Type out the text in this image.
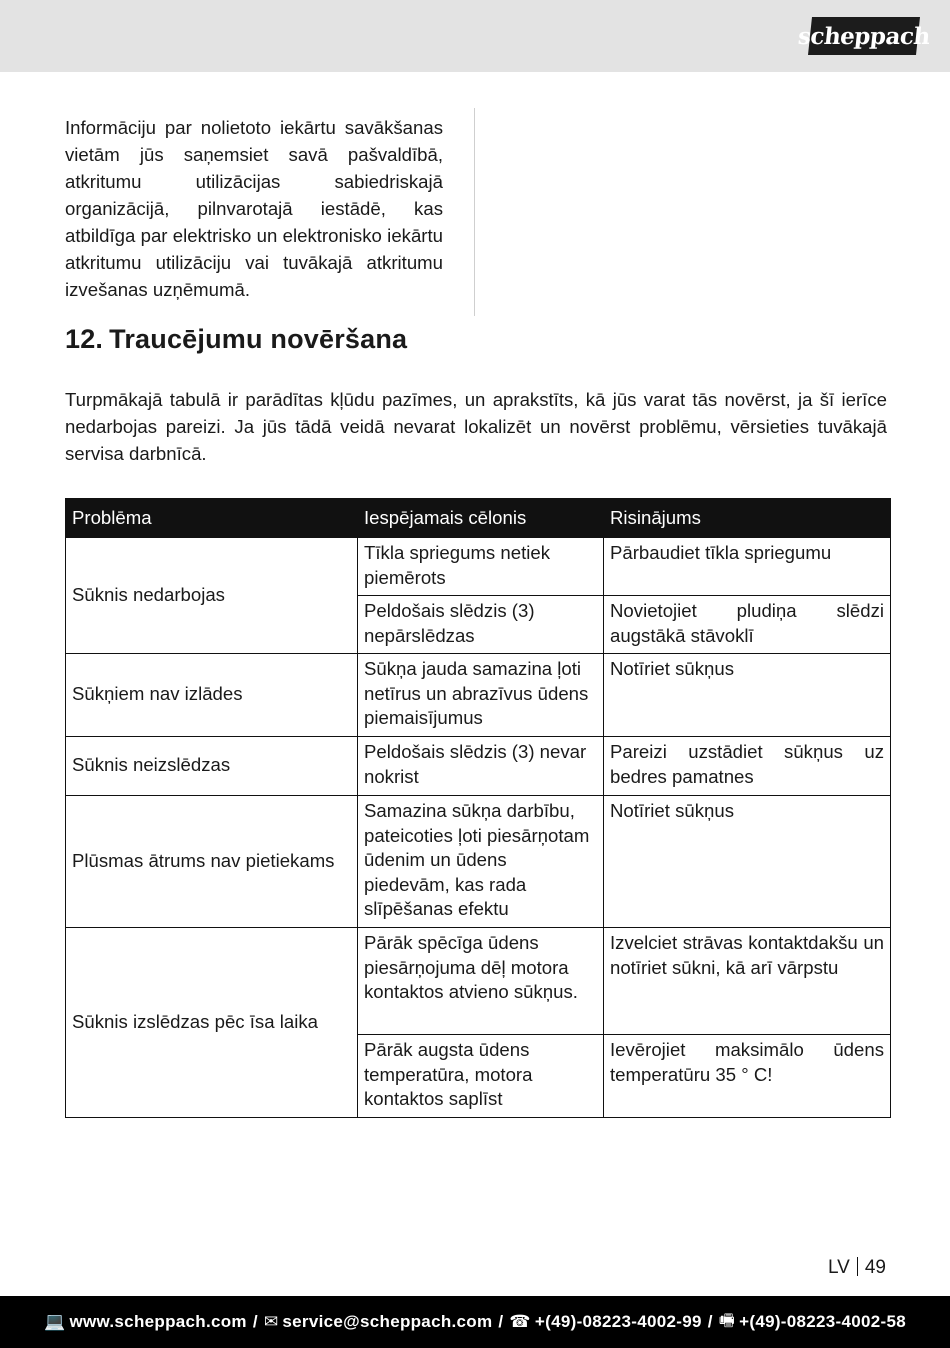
scheppach

Informāciju par nolietoto iekārtu savākšanas vietām jūs saņemsiet savā pašvaldībā, atkritumu utilizācijas sabiedriskajā organizācijā, pilnvarotajā iestādē, kas atbildīga par elektrisko un elektronisko iekārtu atkritumu utilizāciju vai tuvākajā atkritumu izvešanas uzņēmumā.

12. Traucējumu novēršana

Turpmākajā tabulā ir parādītas kļūdu pazīmes, un aprakstīts, kā jūs varat tās novērst, ja šī ierīce nedarbojas pareizi. Ja jūs tādā veidā nevarat lokalizēt un novērst problēmu, vērsieties tuvākajā servisa darbnīcā.

Problēma	Iespējamais cēlonis	Risinājums
Sūknis nedarbojas	Tīkla spriegums netiek piemērots	Pārbaudiet tīkla spriegumu
	Peldošais slēdzis (3) nepārslēdzas	Novietojiet pludiņa slēdzi augstākā stāvoklī
Sūkņiem nav izlādes	Sūkņa jauda samazina ļoti netīrus un abrazīvus ūdens piemaisījumus	Notīriet sūkņus
Sūknis neizslēdzas	Peldošais slēdzis (3) nevar nokrist	Pareizi uzstādiet sūkņus uz bedres pamatnes
Plūsmas ātrums nav pietiekams	Samazina sūkņa darbību, pateicoties ļoti piesārņotam ūdenim un ūdens piedevām, kas rada slīpēšanas efektu	Notīriet sūkņus
Sūknis izslēdzas pēc īsa laika	Pārāk spēcīga ūdens piesārņojuma dēļ motora kontaktos atvieno sūkņus.	Izvelciet strāvas kontaktdakšu un notīriet sūkni, kā arī vārpstu
	Pārāk augsta ūdens temperatūra, motora kontaktos saplīst	Ievērojiet maksimālo ūdens temperatūru 35 ° C!
LV 49
💻 www.scheppach.com / ✉ service@scheppach.com / ☎ +(49)-08223-4002-99 / 🖷 +(49)-08223-4002-58
